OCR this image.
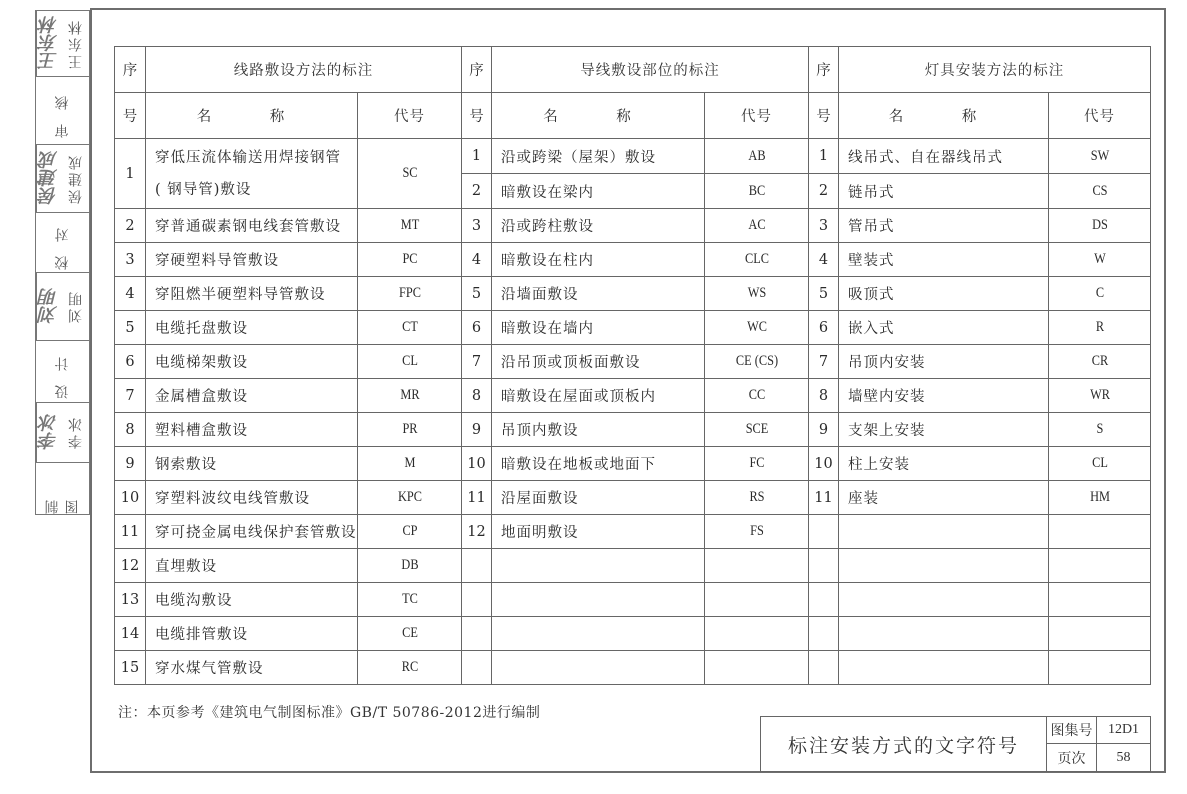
王东林 王东林
审核
侯建成 侯建成
校对
刘明 刘明
设计
李冰 李冰
制图
序	线路敷设方法的标注		序	导线敷设部位的标注		序	灯具安装方法的标注	
号	名　称	代号	号	名　称	代号	号	名　称	代号
1	穿低压流体输送用焊接钢管
( 钢导管)敷设	SC	1	沿或跨梁（屋架）敷设	AB	1	线吊式、自在器线吊式	SW
			2	暗敷设在梁内	BC	2	链吊式	CS
2	穿普通碳素钢电线套管敷设	MT	3	沿或跨柱敷设	AC	3	管吊式	DS
3	穿硬塑料导管敷设	PC	4	暗敷设在柱内	CLC	4	壁装式	W
4	穿阻燃半硬塑料导管敷设	FPC	5	沿墙面敷设	WS	5	吸顶式	C
5	电缆托盘敷设	CT	6	暗敷设在墙内	WC	6	嵌入式	R
6	电缆梯架敷设	CL	7	沿吊顶或顶板面敷设	CE (CS)	7	吊顶内安装	CR
7	金属槽盒敷设	MR	8	暗敷设在屋面或顶板内	CC	8	墙壁内安装	WR
8	塑料槽盒敷设	PR	9	吊顶内敷设	SCE	9	支架上安装	S
9	钢索敷设	M	10	暗敷设在地板或地面下	FC	10	柱上安装	CL
10	穿塑料波纹电线管敷设	KPC	11	沿屋面敷设	RS	11	座装	HM
11	穿可挠金属电线保护套管敷设	CP	12	地面明敷设	FS			
12	直埋敷设	DB						
13	电缆沟敷设	TC						
14	电缆排管敷设	CE						
15	穿水煤气管敷设	RC						
注：本页参考《建筑电气制图标准》GB/T 50786-2012进行编制
标注安装方式的文字符号
图集号	12D1
页次	58
